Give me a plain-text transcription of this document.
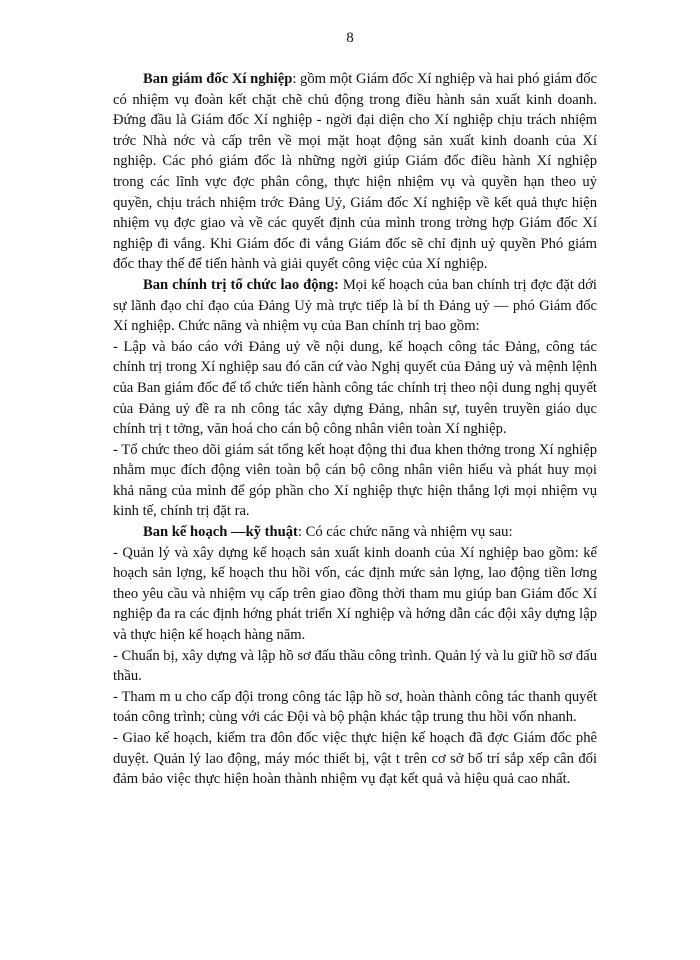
8

Ban giám đốc Xí nghiệp: gồm một Giám đốc Xí nghiệp và hai phó giám đốc có nhiệm vụ đoàn kết chặt chẽ chủ động trong điều hành sản xuất kinh doanh. Đứng đầu là Giám đốc Xí nghiệp - ngời đại diện cho Xí nghiệp chịu trách nhiệm trớc Nhà nớc và cấp trên về mọi mặt hoạt động sản xuất kinh doanh của Xí nghiệp. Các phó giám đốc là những ngời giúp Giám đốc điều hành Xí nghiệp trong các lĩnh vực đợc phân công, thực hiện nhiệm vụ và quyền hạn theo uỷ quyền, chịu trách nhiệm trớc Đảng Uỷ, Giám đốc Xí nghiệp về kết quả thực hiện nhiệm vụ đợc giao và về các quyết định của mình trong trờng hợp Giám đốc Xí nghiệp đi vắng. Khi Giám đốc đi vắng Giám đốc sẽ chỉ định uỷ quyền Phó giám đốc thay thế để tiến hành và giải quyết công việc của Xí nghiệp.

Ban chính trị tổ chức lao động: Mọi kế hoạch của ban chính trị đợc đặt dới sự lãnh đạo chỉ đạo của Đảng Uỷ mà trực tiếp là bí th Đảng uỷ — phó Giám đốc Xí nghiệp. Chức năng và nhiệm vụ của Ban chính trị bao gồm:

- Lập và báo cáo với Đảng uỷ về nội dung, kế hoạch công tác Đảng, công tác chính trị trong Xí nghiệp sau đó căn cứ vào Nghị quyết của Đảng uỷ và mệnh lệnh của Ban giám đốc để tổ chức tiến hành công tác chính trị theo nội dung nghị quyết của Đảng uỷ đề ra nh công tác xây dựng Đảng, nhân sự, tuyên truyền giáo dục chính trị t tởng, văn hoá cho cán bộ công nhân viên toàn Xí nghiệp.

- Tổ chức theo dõi giám sát tổng kết hoạt động thi đua khen thởng trong Xí nghiệp nhằm mục đích động viên toàn bộ cán bộ công nhân viên hiểu và phát huy mọi khả năng của mình để góp phần cho Xí nghiệp thực hiện thắng lợi mọi nhiệm vụ kinh tế, chính trị đặt ra.

Ban kế hoạch —kỹ thuật: Có các chức năng và nhiệm vụ sau:

- Quản lý và xây dựng kế hoạch sản xuất kinh doanh của Xí nghiệp bao gồm: kế hoạch sản lợng, kế hoạch thu hồi vốn, các định mức sản lợng, lao động tiền lơng theo yêu cầu và nhiệm vụ cấp trên giao đồng thời tham mu giúp ban Giám đốc Xí nghiệp đa ra các định hớng phát triển Xí nghiệp và hớng dẫn các đội xây dựng lập và thực hiện kế hoạch hàng năm.

- Chuẩn bị, xây dựng và lập hồ sơ đấu thầu công trình. Quản lý và lu giữ hồ sơ đấu thầu.

- Tham m u cho cấp đội trong công tác lập hồ sơ, hoàn thành công tác thanh quyết toán công trình; cùng với các Đội và bộ phận khác tập trung thu hồi vốn nhanh.

- Giao kế hoạch, kiểm tra đôn đốc việc thực hiện kế hoạch đã đợc Giám đốc phê duyệt. Quản lý lao động, máy móc thiết bị, vật t trên cơ sở bố trí sắp xếp cân đối đảm bảo việc thực hiện hoàn thành nhiệm vụ đạt kết quả và hiệu quả cao nhất.
